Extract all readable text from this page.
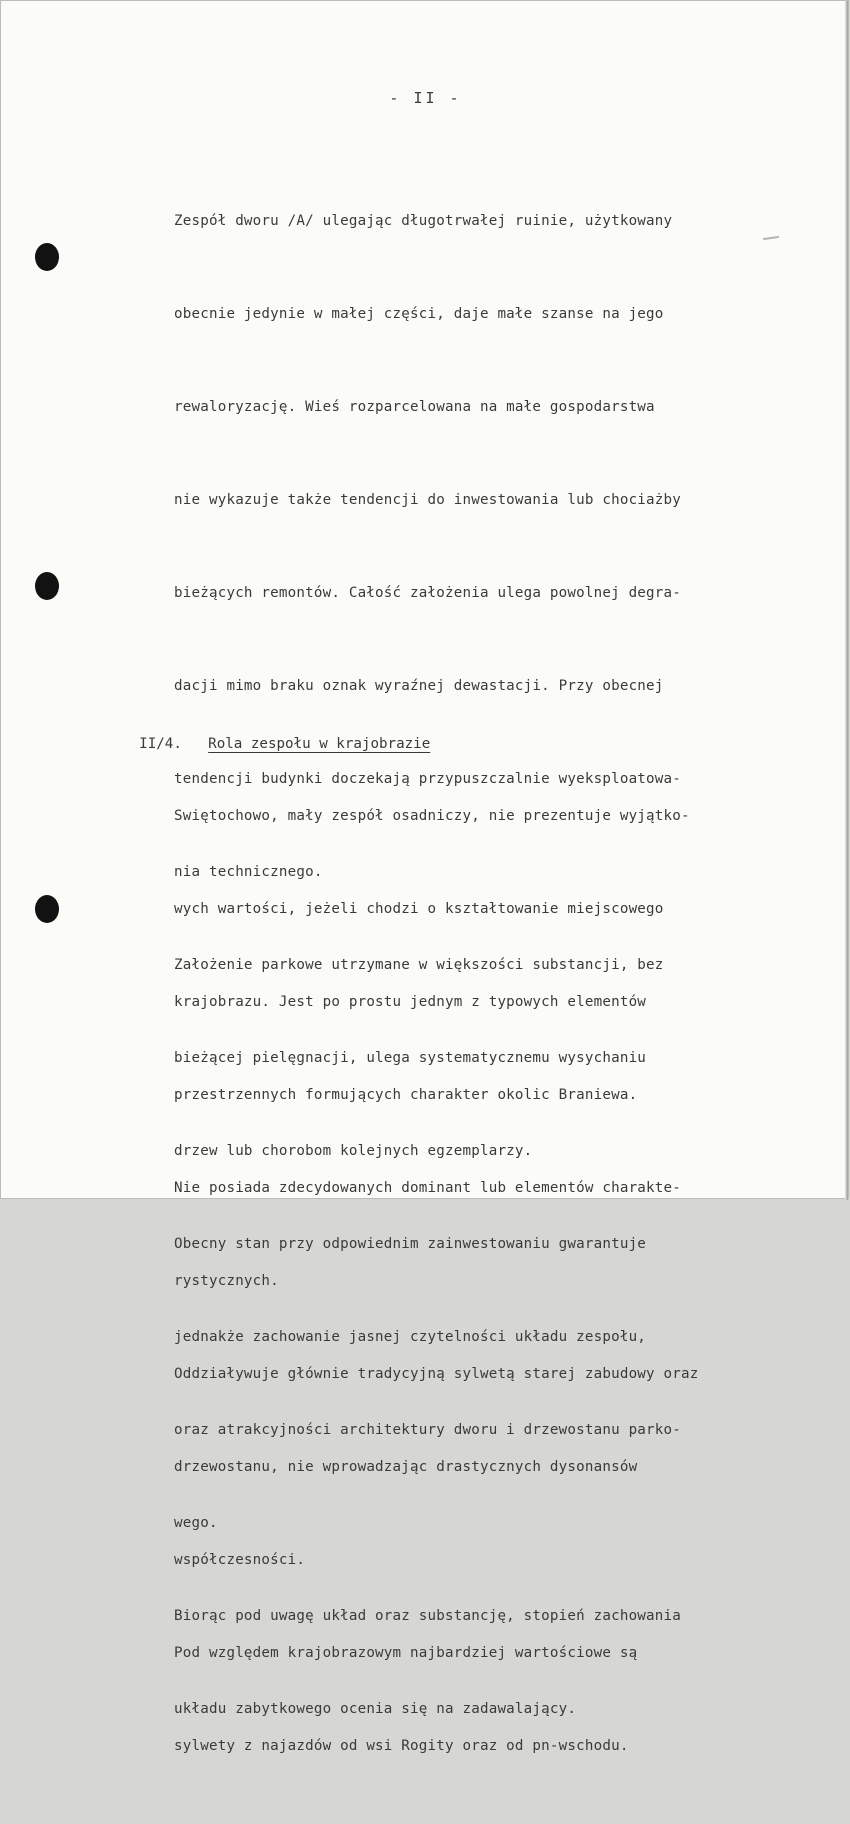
- II -

Zespół dworu /A/ ulegając długotrwałej ruinie, użytkowany

obecnie jedynie w małej części, daje małe szanse na jego

rewaloryzację. Wieś rozparcelowana na małe gospodarstwa

nie wykazuje także tendencji do inwestowania lub chociażby

bieżących remontów. Całość założenia ulega powolnej degra-

dacji mimo braku oznak wyraźnej dewastacji. Przy obecnej

tendencji budynki doczekają przypuszczalnie wyeksploatowa-

nia technicznego.

Założenie parkowe utrzymane w większości substancji, bez

bieżącej pielęgnacji, ulega systematycznemu wysychaniu

drzew lub chorobom kolejnych egzemplarzy.

Obecny stan przy odpowiednim zainwestowaniu gwarantuje

jednakże zachowanie jasnej czytelności układu zespołu,

oraz atrakcyjności architektury dworu i drzewostanu parko-

wego.

Biorąc pod uwagę układ oraz substancję, stopień zachowania

układu zabytkowego ocenia się na zadawalający.

II/4. Rola zespołu w krajobrazie

Swiętochowo, mały zespół osadniczy, nie prezentuje wyjątko-

wych wartości, jeżeli chodzi o kształtowanie miejscowego

krajobrazu. Jest po prostu jednym z typowych elementów

przestrzennych formujących charakter okolic Braniewa.

Nie posiada zdecydowanych dominant lub elementów charakte-

rystycznych.

Oddziaływuje głównie tradycyjną sylwetą starej zabudowy oraz

drzewostanu, nie wprowadzając drastycznych dysonansów

współczesności.

Pod względem krajobrazowym najbardziej wartościowe są

sylwety z najazdów od wsi Rogity oraz od pn-wschodu.
